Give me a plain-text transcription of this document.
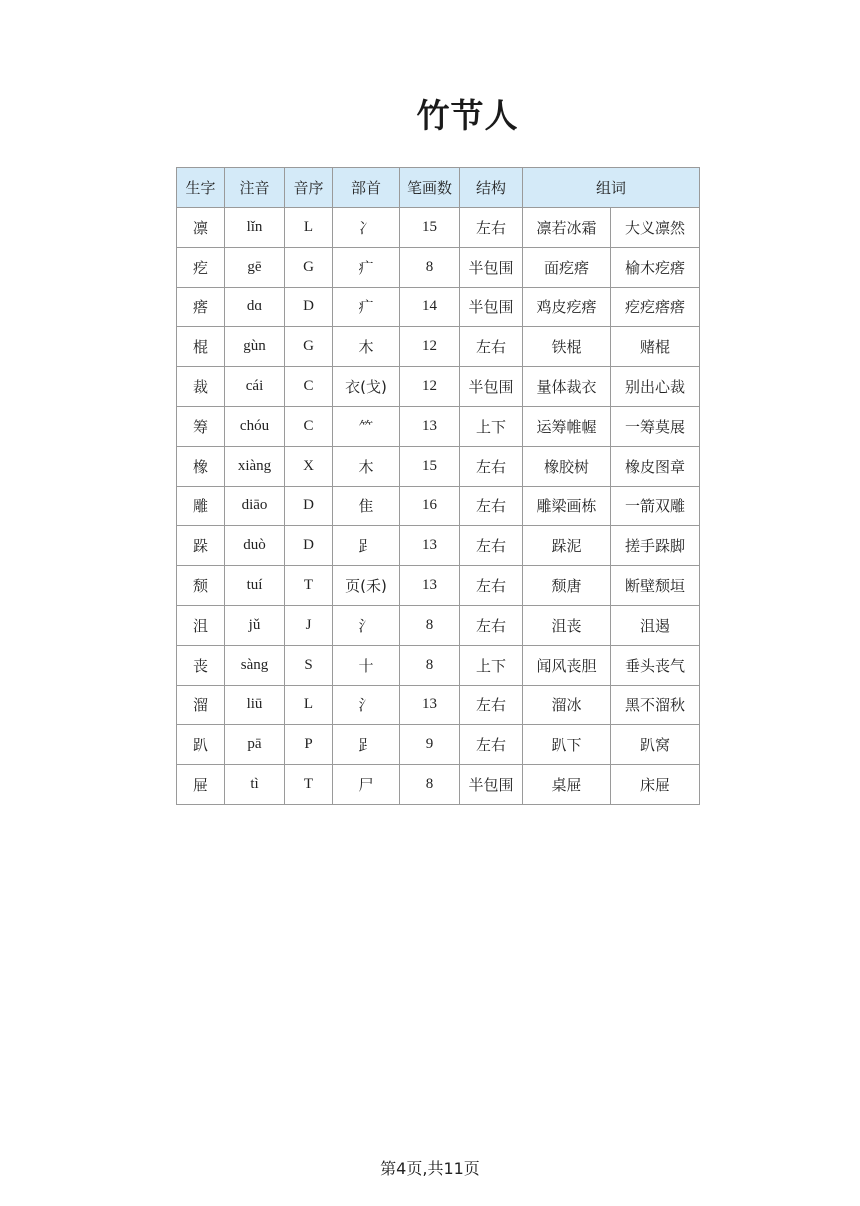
竹节人
生字	注音	音序	部首	笔画数	结构	组词	
凛	lǐn	L	冫	15	左右	凛若冰霜	大义凛然
疙	gē	G	疒	8	半包围	面疙瘩	榆木疙瘩
瘩	dɑ	D	疒	14	半包围	鸡皮疙瘩	疙疙瘩瘩
棍	gùn	G	木	12	左右	铁棍	赌棍
裁	cái	C	衣(戈)	12	半包围	量体裁衣	别出心裁
筹	chóu	C	⺮	13	上下	运筹帷幄	一筹莫展
橡	xiàng	X	木	15	左右	橡胶树	橡皮图章
雕	diāo	D	隹	16	左右	雕梁画栋	一箭双雕
跺	duò	D	𧾷	13	左右	跺泥	搓手跺脚
颓	tuí	T	页(禾)	13	左右	颓唐	断壁颓垣
沮	jǔ	J	氵	8	左右	沮丧	沮遏
丧	sàng	S	十	8	上下	闻风丧胆	垂头丧气
溜	liū	L	氵	13	左右	溜冰	黑不溜秋
趴	pā	P	𧾷	9	左右	趴下	趴窝
屉	tì	T	尸	8	半包围	桌屉	床屉
第4页,共11页
